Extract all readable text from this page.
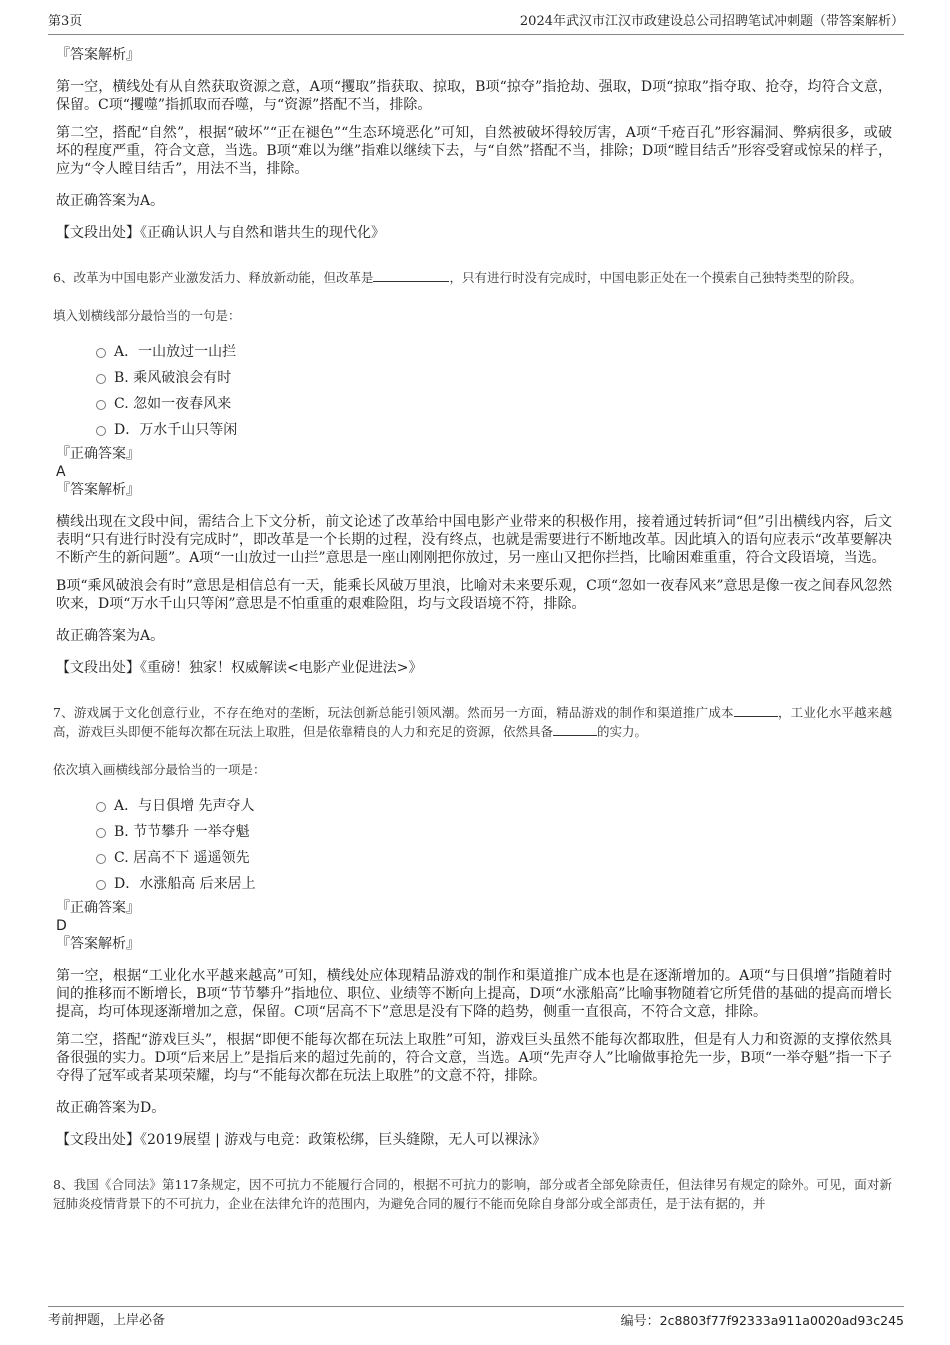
第3页	2024年武汉市江汉市政建设总公司招聘笔试冲刺题（带答案解析）

『答案解析』

第一空，横线处有从自然获取资源之意，A项“攫取”指获取、掠取，B项“掠夺”指抢劫、强取，D项“掠取”指夺取、抢夺，均符合文意，保留。C项“攫噬”指抓取而吞噬，与“资源”搭配不当，排除。

第二空，搭配“自然”，根据“破坏”“正在褪色”“生态环境恶化”可知，自然被破坏得较厉害，A项“千疮百孔”形容漏洞、弊病很多，或破坏的程度严重，符合文意，当选。B项“难以为继”指难以继续下去，与“自然”搭配不当，排除；D项“瞠目结舌”形容受窘或惊呆的样子，应为“令人瞠目结舌”，用法不当，排除。

故正确答案为A。

【文段出处】《正确认识人与自然和谐共生的现代化》

6、改革为中国电影产业激发活力、释放新动能，但改革是	，只有进行时没有完成时，中国电影正处在一个摸索自己独特类型的阶段。

填入划横线部分最恰当的一句是：

A．一山放过一山拦
B. 乘风破浪会有时
C. 忽如一夜春风来
D．万水千山只等闲

『正确答案』

A

『答案解析』

横线出现在文段中间，需结合上下文分析，前文论述了改革给中国电影产业带来的积极作用，接着通过转折词“但”引出横线内容，后文表明“只有进行时没有完成时”，即改革是一个长期的过程，没有终点，也就是需要进行不断地改革。因此填入的语句应表示“改革要解决不断产生的新问题”。A项“一山放过一山拦”意思是一座山刚刚把你放过，另一座山又把你拦挡，比喻困难重重，符合文段语境，当选。

B项“乘风破浪会有时”意思是相信总有一天，能乘长风破万里浪，比喻对未来要乐观，C项“忽如一夜春风来”意思是像一夜之间春风忽然吹来，D项“万水千山只等闲”意思是不怕重重的艰难险阻，均与文段语境不符，排除。

故正确答案为A。

【文段出处】《重磅！独家！权威解读<电影产业促进法>》

7、游戏属于文化创意行业，不存在绝对的垄断，玩法创新总能引领风潮。然而另一方面，精品游戏的制作和渠道推广成本	，工业化水平越来越高，游戏巨头即便不能每次都在玩法上取胜，但是依靠精良的人力和充足的资源，依然具备	的实力。

依次填入画横线部分最恰当的一项是：

A．与日俱增 先声夺人
B. 节节攀升 一举夺魁
C. 居高不下 遥遥领先
D．水涨船高 后来居上

『正确答案』

D

『答案解析』

第一空，根据“工业化水平越来越高”可知，横线处应体现精品游戏的制作和渠道推广成本也是在逐渐增加的。A项“与日俱增”指随着时间的推移而不断增长，B项“节节攀升”指地位、职位、业绩等不断向上提高，D项“水涨船高”比喻事物随着它所凭借的基础的提高而增长提高，均可体现逐渐增加之意，保留。C项“居高不下”意思是没有下降的趋势，侧重一直很高，不符合文意，排除。

第二空，搭配“游戏巨头”，根据“即便不能每次都在玩法上取胜”可知，游戏巨头虽然不能每次都取胜，但是有人力和资源的支撑依然具备很强的实力。D项“后来居上”是指后来的超过先前的，符合文意，当选。A项“先声夺人”比喻做事抢先一步，B项“一举夺魁”指一下子夺得了冠军或者某项荣耀，均与“不能每次都在玩法上取胜”的文意不符，排除。

故正确答案为D。

【文段出处】《2019展望 | 游戏与电竞：政策松绑，巨头缝隙，无人可以裸泳》

8、我国《合同法》第117条规定，因不可抗力不能履行合同的，根据不可抗力的影响，部分或者全部免除责任，但法律另有规定的除外。可见，面对新冠肺炎疫情背景下的不可抗力，企业在法律允许的范围内，为避免合同的履行不能而免除自身部分或全部责任，是于法有据的，并

考前押题，上岸必备	编号：2c8803f77f92333a911a0020ad93c245
